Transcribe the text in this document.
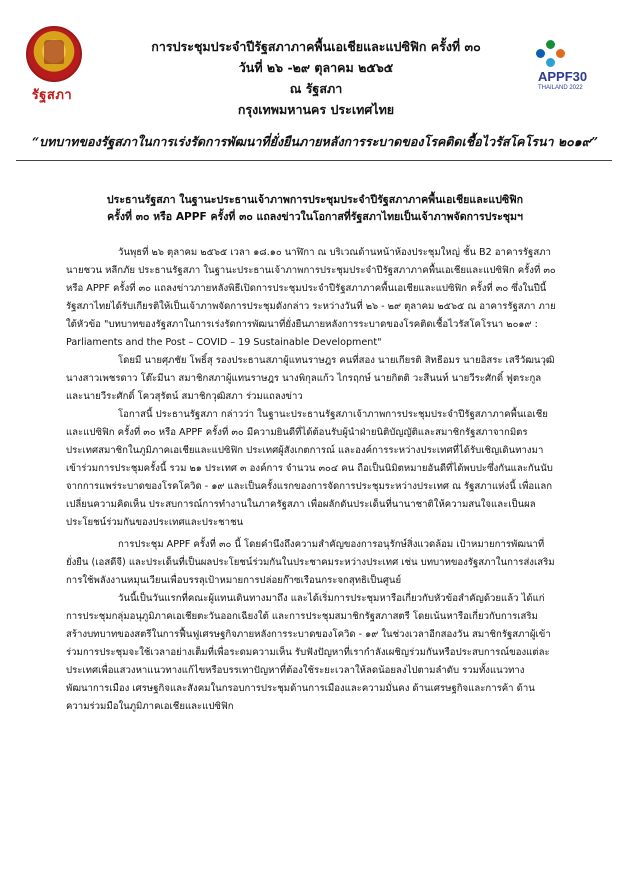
รัฐสภา

APPF30
THAILAND 2022
การประชุมประจำปีรัฐสภาภาคพื้นเอเชียและแปซิฟิก ครั้งที่ ๓๐
วันที่ ๒๖ -๒๙ ตุลาคม ๒๕๖๕
ณ รัฐสภา
กรุงเทพมหานคร ประเทศไทย
“บทบาทของรัฐสภาในการเร่งรัดการพัฒนาที่ยั่งยืนภายหลังการระบาดของโรคติดเชื้อไวรัสโคโรนา ๒๐๑๙”
ประธานรัฐสภา ในฐานะประธานเจ้าภาพการประชุมประจำปีรัฐสภาภาคพื้นเอเชียและแปซิฟิก
ครั้งที่ ๓๐ หรือ APPF ครั้งที่ ๓๐ แถลงข่าวในโอกาสที่รัฐสภาไทยเป็นเจ้าภาพจัดการประชุมฯ

วันพุธที่ ๒๖ ตุลาคม ๒๕๖๕ เวลา ๑๘.๑๐ นาฬิกา ณ บริเวณด้านหน้าห้องประชุมใหญ่ ชั้น B2 อาคารรัฐสภา นายชวน หลีกภัย ประธานรัฐสภา ในฐานะประธานเจ้าภาพการประชุมประจำปีรัฐสภาภาคพื้นเอเชียและแปซิฟิก ครั้งที่ ๓๐ หรือ APPF ครั้งที่ ๓๐ แถลงข่าวภายหลังพิธีเปิดการประชุมประจำปีรัฐสภาภาคพื้นเอเชียและแปซิฟิก ครั้งที่ ๓๐ ซึ่งในปีนี้รัฐสภาไทยได้รับเกียรติให้เป็นเจ้าภาพจัดการประชุมดังกล่าว ระหว่างวันที่ ๒๖ - ๒๙ ตุลาคม ๒๕๖๕ ณ อาคารรัฐสภา ภายใต้หัวข้อ "บทบาทของรัฐสภาในการเร่งรัดการพัฒนาที่ยั่งยืนภายหลังการระบาดของโรคติดเชื้อไวรัสโคโรนา ๒๐๑๙ : Parliaments and the Post – COVID – 19 Sustainable Development"

โดยมี นายศุภชัย โพธิ์สุ รองประธานสภาผู้แทนราษฎร คนที่สอง นายเกียรติ สิทธีอมร นายอิสระ เสรีวัฒนวุฒิ นางสาวเพชรดาว โต๊ะมีนา สมาชิกสภาผู้แทนราษฎร นางพิกุลแก้ว ไกรฤกษ์ นายกิตติ วะสีนนท์ นายวีระศักดิ์ ฟูตระกูล และนายวีระศักดิ์ โควสุรัตน์ สมาชิกวุฒิสภา ร่วมแถลงข่าว

โอกาสนี้ ประธานรัฐสภา กล่าวว่า ในฐานะประธานรัฐสภาเจ้าภาพการประชุมประจำปีรัฐสภาภาคพื้นเอเชียและแปซิฟิก ครั้งที่ ๓๐ หรือ APPF ครั้งที่ ๓๐ มีความยินดีที่ได้ต้อนรับผู้นำฝ่ายนิติบัญญัติและสมาชิกรัฐสภาจากมิตรประเทศสมาชิกในภูมิภาคเอเชียและแปซิฟิก ประเทศผู้สังเกตการณ์ และองค์การระหว่างประเทศที่ได้รับเชิญเดินทางมาเข้าร่วมการประชุมครั้งนี้ รวม ๒๑ ประเทศ ๓ องค์การ จำนวน ๓๐๔ คน ถือเป็นนิมิตหมายอันดีที่ได้พบปะซึ่งกันและกันนับจากการแพร่ระบาดของโรคโควิด - ๑๙ และเป็นครั้งแรกของการจัดการประชุมระหว่างประเทศ ณ รัฐสภาแห่งนี้ เพื่อแลกเปลี่ยนความคิดเห็น ประสบการณ์การทำงานในภาครัฐสภา เพื่อผลักดันประเด็นที่นานาชาติให้ความสนใจและเป็นผลประโยชน์ร่วมกันของประเทศและประชาชน

การประชุม APPF ครั้งที่ ๓๐ นี้ โดยคำนึงถึงความสำคัญของการอนุรักษ์สิ่งแวดล้อม เป้าหมายการพัฒนาที่ยั่งยืน (เอสดีจี) และประเด็นที่เป็นผลประโยชน์ร่วมกันในประชาคมระหว่างประเทศ เช่น บทบาทของรัฐสภาในการส่งเสริมการใช้พลังงานหมุนเวียนเพื่อบรรลุเป้าหมายการปล่อยก๊าซเรือนกระจกสุทธิเป็นศูนย์

วันนี้เป็นวันแรกที่คณะผู้แทนเดินทางมาถึง และได้เริ่มการประชุมหารือเกี่ยวกับหัวข้อสำคัญด้วยแล้ว ได้แก่ การประชุมกลุ่มอนุภูมิภาคเอเชียตะวันออกเฉียงใต้ และการประชุมสมาชิกรัฐสภาสตรี โดยเน้นหารือเกี่ยวกับการเสริมสร้างบทบาทของสตรีในการฟื้นฟูเศรษฐกิจภายหลังการระบาดของโควิด - ๑๙ ในช่วงเวลาอีกสองวัน สมาชิกรัฐสภาผู้เข้าร่วมการประชุมจะใช้เวลาอย่างเต็มที่เพื่อระดมความเห็น รับฟังปัญหาที่เรากำลังเผชิญร่วมกันหรือประสบการณ์ของแต่ละประเทศเพื่อแสวงหาแนวทางแก้ไขหรือบรรเทาปัญหาที่ต้องใช้ระยะเวลาให้ลดน้อยลงไปตามลำดับ รวมทั้งแนวทางพัฒนาการเมือง เศรษฐกิจและสังคมในกรอบการประชุมด้านการเมืองและความมั่นคง ด้านเศรษฐกิจและการค้า ด้านความร่วมมือในภูมิภาคเอเชียและแปซิฟิก
